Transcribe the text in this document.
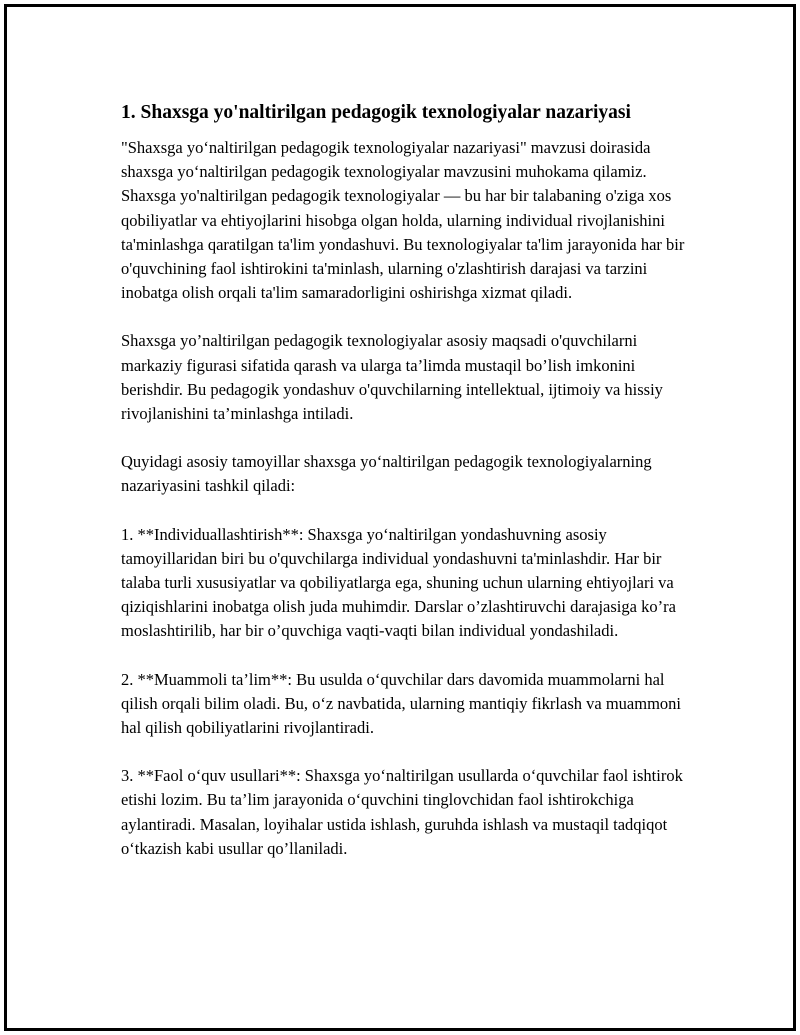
1. Shaxsga yo'naltirilgan pedagogik texnologiyalar nazariyasi

"Shaxsga yo‘naltirilgan pedagogik texnologiyalar nazariyasi" mavzusi doirasida shaxsga yo‘naltirilgan pedagogik texnologiyalar mavzusini muhokama qilamiz. Shaxsga yo'naltirilgan pedagogik texnologiyalar — bu har bir talabaning o'ziga xos qobiliyatlar va ehtiyojlarini hisobga olgan holda, ularning individual rivojlanishini ta'minlashga qaratilgan ta'lim yondashuvi. Bu texnologiyalar ta'lim jarayonida har bir o'quvchining faol ishtirokini ta'minlash, ularning o'zlashtirish darajasi va tarzini inobatga olish orqali ta'lim samaradorligini oshirishga xizmat qiladi.

Shaxsga yo’naltirilgan pedagogik texnologiyalar asosiy maqsadi o'quvchilarni markaziy figurasi sifatida qarash va ularga ta’limda mustaqil bo’lish imkonini berishdir. Bu pedagogik yondashuv o'quvchilarning intellektual, ijtimoiy va hissiy rivojlanishini ta’minlashga intiladi.

Quyidagi asosiy tamoyillar shaxsga yo‘naltirilgan pedagogik texnologiyalarning nazariyasini tashkil qiladi:

1. **Individuallashtirish**: Shaxsga yo‘naltirilgan yondashuvning asosiy tamoyillaridan biri bu o'quvchilarga individual yondashuvni ta'minlashdir. Har bir talaba turli xususiyatlar va qobiliyatlarga ega, shuning uchun ularning ehtiyojlari va qiziqishlarini inobatga olish juda muhimdir. Darslar o’zlashtiruvchi darajasiga ko’ra moslashtirilib, har bir o’quvchiga vaqti-vaqti bilan individual yondashiladi.

2. **Muammoli ta’lim**: Bu usulda o‘quvchilar dars davomida muammolarni hal qilish orqali bilim oladi. Bu, o‘z navbatida, ularning mantiqiy fikrlash va muammoni hal qilish qobiliyatlarini rivojlantiradi.

3. **Faol o‘quv usullari**: Shaxsga yo‘naltirilgan usullarda o‘quvchilar faol ishtirok etishi lozim. Bu ta’lim jarayonida o‘quvchini tinglovchidan faol ishtirokchiga aylantiradi. Masalan, loyihalar ustida ishlash, guruhda ishlash va mustaqil tadqiqot o‘tkazish kabi usullar qo’llaniladi.
